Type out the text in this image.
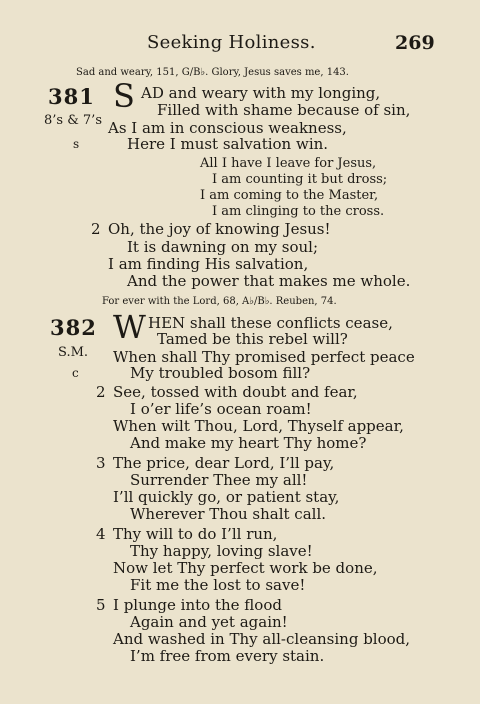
Seeking Holiness.	269
Sad and weary, 151, G/B♭. Glory, Jesus saves me, 143.
381 S AD and weary with my longing,
Filled with shame because of sin,
8’s & 7’s As I am in conscious weakness,
s	Here I must salvation win.
All I have I leave for Jesus,
I am counting it but dross;
I am coming to the Master,
I am clinging to the cross.
2 Oh, the joy of knowing Jesus!
It is dawning on my soul;
I am finding His salvation,
And the power that makes me whole.
For ever with the Lord, 68, A♭/B♭. Reuben, 74.
382 W HEN shall these conflicts cease,
Tamed be this rebel will?
S.M. When shall Thy promised perfect peace
c	My troubled bosom fill?
2 See, tossed with doubt and fear,
I o’er life’s ocean roam!
When wilt Thou, Lord, Thyself appear,
And make my heart Thy home?
3 The price, dear Lord, I’ll pay,
Surrender Thee my all!
I’ll quickly go, or patient stay,
Wherever Thou shalt call.
4 Thy will to do I’ll run,
Thy happy, loving slave!
Now let Thy perfect work be done,
Fit me the lost to save!
5 I plunge into the flood
Again and yet again!
And washed in Thy all-cleansing blood,
I’m free from every stain.
